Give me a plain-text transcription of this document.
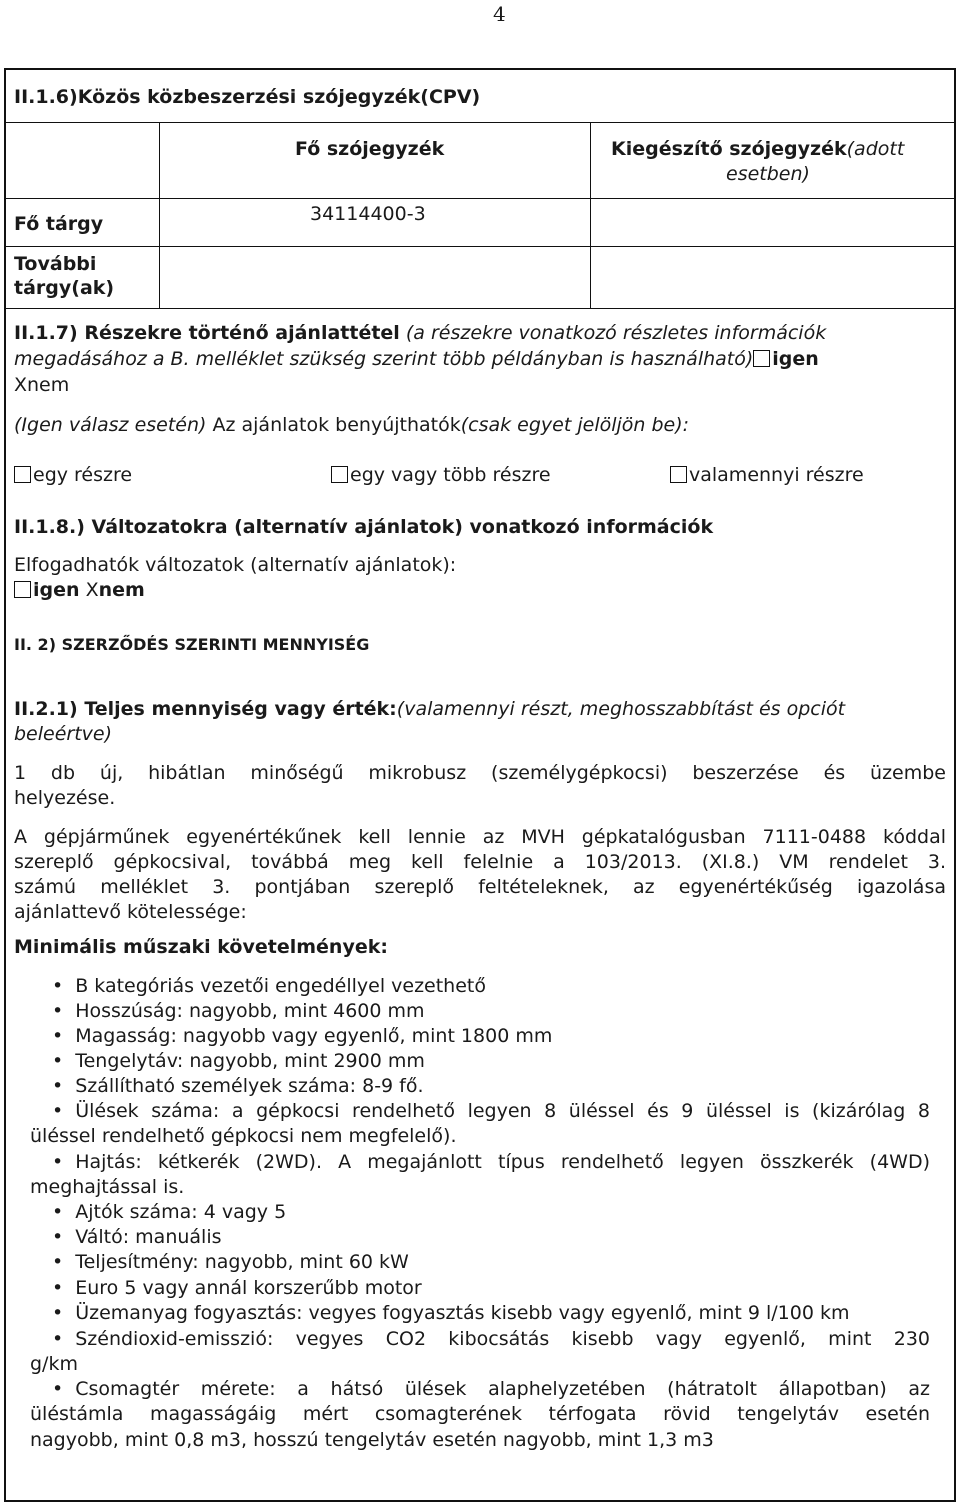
4
II.1.6)Közös közbeszerzési szójegyzék(CPV)

	Fő szójegyzék	Kiegészítő szójegyzék(adott
esetben)

Fő tárgy	34114400-3	

További
tárgy(ak)		

II.1.7) Részekre történő ajánlattétel (a részekre vonatkozó részletes információk
megadásához a B. melléklet szükség szerint több példányban is használható) igen
Xnem
(Igen válasz esetén) Az ajánlatok benyújthatók(csak egyet jelöljön be):
egy részre	egy vagy több részre	valamennyi részre
II.1.8.) Változatokra (alternatív ajánlatok) vonatkozó információk
Elfogadhatók változatok (alternatív ajánlatok):
igen Xnem
II. 2) SZERZŐDÉS SZERINTI MENNYISÉG
II.2.1) Teljes mennyiség vagy érték:(valamennyi részt, meghosszabbítást és opciót
beleértve)
1 db új, hibátlan minőségű mikrobusz (személygépkocsi) beszerzése és üzembe
helyezése.
A gépjárműnek egyenértékűnek kell lennie az MVH gépkatalógusban 7111-0488 kóddal
szereplő gépkocsival, továbbá meg kell felelnie a 103/2013. (XI.8.) VM rendelet 3.
számú melléklet 3. pontjában szereplő feltételeknek, az egyenértékűség igazolása
ajánlattevő kötelessége:
Minimális műszaki követelmények:
• B kategóriás vezetői engedéllyel vezethető
• Hosszúság: nagyobb, mint 4600 mm
• Magasság: nagyobb vagy egyenlő, mint 1800 mm
• Tengelytáv: nagyobb, mint 2900 mm
• Szállítható személyek száma: 8-9 fő.
• Ülések száma: a gépkocsi rendelhető legyen 8 üléssel és 9 üléssel is (kizárólag 8
üléssel rendelhető gépkocsi nem megfelelő).
• Hajtás: kétkerék (2WD). A megajánlott típus rendelhető legyen összkerék (4WD)
meghajtással is.
• Ajtók száma: 4 vagy 5
• Váltó: manuális
• Teljesítmény: nagyobb, mint 60 kW
• Euro 5 vagy annál korszerűbb motor
• Üzemanyag fogyasztás: vegyes fogyasztás kisebb vagy egyenlő, mint 9 l/100 km
• Széndioxid-emisszió: vegyes CO2 kibocsátás kisebb vagy egyenlő, mint 230
g/km
• Csomagtér mérete: a hátsó ülések alaphelyzetében (hátratolt állapotban) az
üléstámla magasságáig mért csomagterének térfogata rövid tengelytáv esetén
nagyobb, mint 0,8 m3, hosszú tengelytáv esetén nagyobb, mint 1,3 m3
